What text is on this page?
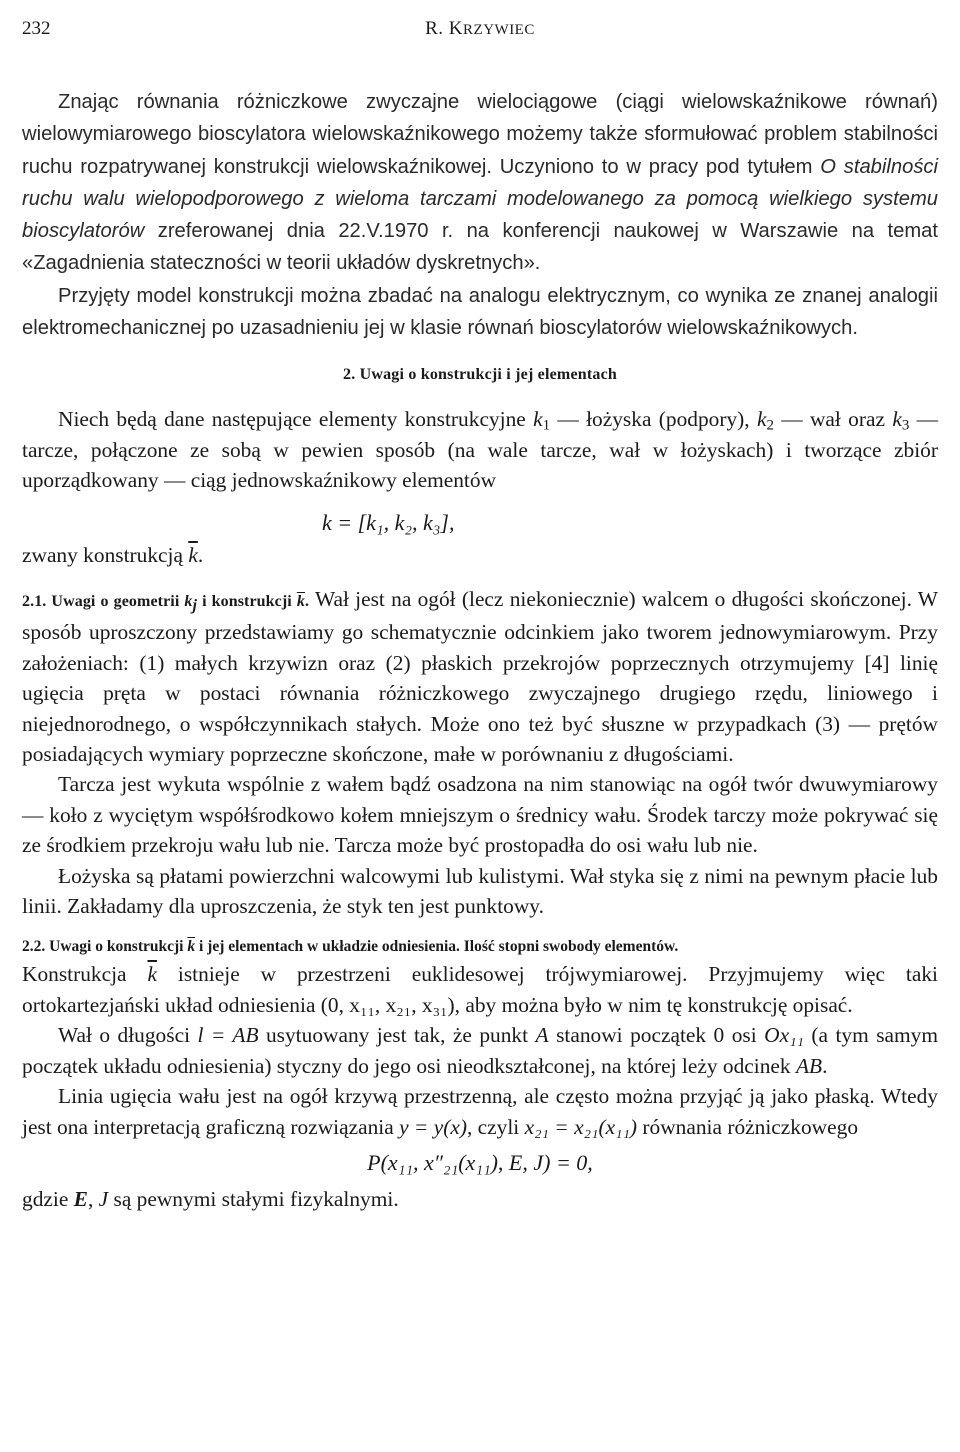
232	R. KRZYWIEC

Znając równania różniczkowe zwyczajne wielociągowe (ciągi wielowskaźnikowe równań) wielowymiarowego bioscylatora wielowskaźnikowego możemy także sformułować problem stabilności ruchu rozpatrywanej konstrukcji wielowskaźnikowej. Uczyniono to w pracy pod tytułem O stabilności ruchu walu wielopodporowego z wieloma tarczami modelowanego za pomocą wielkiego systemu bioscylatorów zreferowanej dnia 22.V.1970 r. na konferencji naukowej w Warszawie na temat «Zagadnienia stateczności w teorii układów dyskretnych».

Przyjęty model konstrukcji można zbadać na analogu elektrycznym, co wynika ze znanej analogii elektromechanicznej po uzasadnieniu jej w klasie równań bioscylatorów wielowskaźnikowych.

2. Uwagi o konstrukcji i jej elementach

Niech będą dane następujące elementy konstrukcyjne $k_1$ — łożyska (podpory), $k_2$ — wał oraz $k_3$ — tarcze, połączone ze sobą w pewien sposób (na wale tarcze, wał w łożyskach) i tworzące zbiór uporządkowany — ciąg jednowskaźnikowy elementów

k = [k₁, k₂, k₃],

zwany konstrukcją $\overline{k}$.

2.1. Uwagi o geometrii $k_j$ i konstrukcji $\overline{k}$. Wał jest na ogół (lecz niekoniecznie) walcem o długości skończonej. W sposób uproszczony przedstawiamy go schematycznie odcinkiem jako tworem jednowymiarowym. Przy założeniach: (1) małych krzywizn oraz (2) płaskich przekrojów poprzecznych otrzymujemy [4] linię ugięcia pręta w postaci równania różniczkowego zwyczajnego drugiego rzędu, liniowego i niejednorodnego, o współczynnikach stałych. Może ono też być słuszne w przypadkach (3) — prętów posiadających wymiary poprzeczne skończone, małe w porównaniu z długościami.

Tarcza jest wykuta wspólnie z wałem bądź osadzona na nim stanowiąc na ogół twór dwuwymiarowy — koło z wyciętym współśrodkowo kołem mniejszym o średnicy wału. Środek tarczy może pokrywać się ze środkiem przekroju wału lub nie. Tarcza może być prostopadła do osi wału lub nie.

Łożyska są płatami powierzchni walcowymi lub kulistymi. Wał styka się z nimi na pewnym płacie lub linii. Zakładamy dla uproszczenia, że styk ten jest punktowy.

2.2. Uwagi o konstrukcji $\overline{k}$ i jej elementach w układzie odniesienia. Ilość stopni swobody elementów.

Konstrukcja $\overline{k}$ istnieje w przestrzeni euklidesowej trójwymiarowej. Przyjmujemy więc taki ortokartezjański układ odniesienia (0, x₁₁, x₂₁, x₃₁), aby można było w nim tę konstrukcję opisać.

Wał o długości l = AB usytuowany jest tak, że punkt A stanowi początek 0 osi Ox₁₁ (a tym samym początek układu odniesienia) styczny do jego osi nieodkształconej, na której leży odcinek AB.

Linia ugięcia wału jest na ogół krzywą przestrzenną, ale często można przyjąć ją jako płaską. Wtedy jest ona interpretacją graficzną rozwiązania y = y(x), czyli x₂₁ = x₂₁(x₁₁) równania różniczkowego

P(x₁₁, x″₂₁(x₁₁), E, J) = 0,

gdzie E, J są pewnymi stałymi fizykalnymi.
